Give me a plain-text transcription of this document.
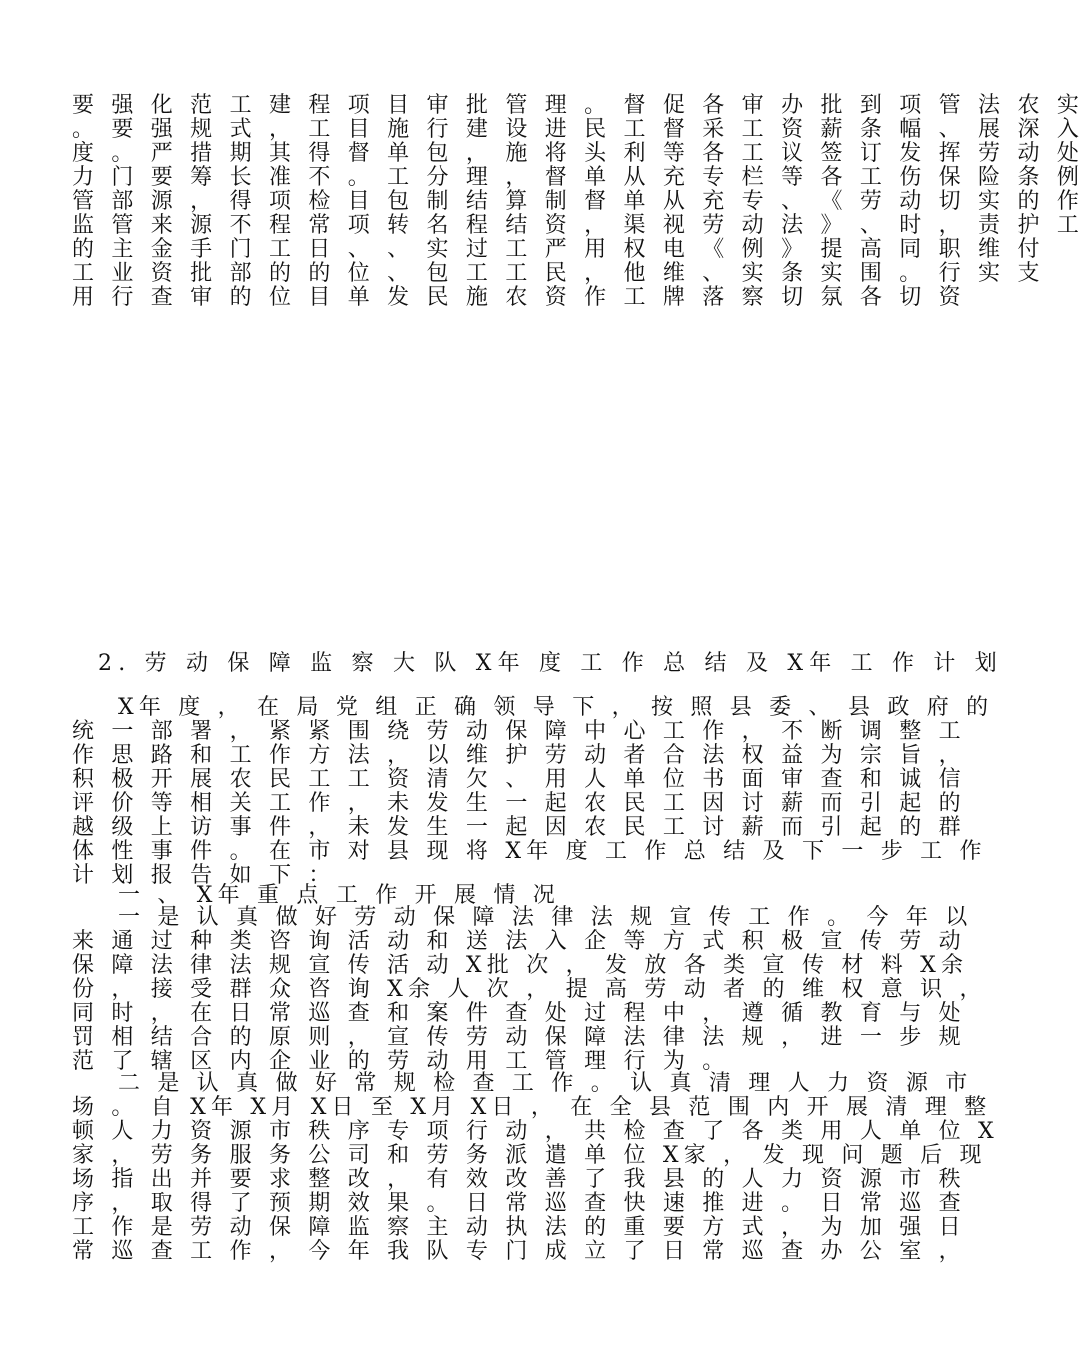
要 强 化 范 工 建 程 项 目 审 批 管 理 。 督 促 各 审 办 批 到 项 管 法 农 实
。 要 强 规 式 ， 工 目 施 行 建 设 进 民 工 督 采 工 资 薪 条 幅 、 展 深 入
度 。 严 措 期 其 得 督 单 包 ， 施 将 头 利 等 各 工 议 签 订 发 挥 劳 动 处
力 门 要 筹 长 准 不 。 工 分 理 ， 督 单 从 充 专 栏 等 各 工 伤 保 险 条 例
管 部 源 ， 得 项 检 目 包 制 结 算 制 督 单 从 充 专 、 《 劳 动 切 实 的 作
监 管 来 源 不 程 常 项 转 名 程 结 资 ， 渠 视 劳 动 法 》 、 时 ， 责 护 工
的 主 金 手 门 工 日 、 、 实 过 工 严 用 权 电 《 例 》 提 高 同 职 维 付
工 业 资 批 部 的 的 位 、 包 工 工 民 ， 他 维 、 实 条 实 围 。 行 实 支
用 行 查 审 的 位 目 单 发 民 施 农 资 作 工 牌 落 察 切 氛 各 切 资
2. 劳 动 保 障 监 察 大 队 X年 度 工 作 总 结 及 X年 工 作 计 划
X年 度 ， 在 局 党 组 正 确 领 导 下 ， 按 照 县 委 、 县 政 府 的
统 一 部 署 ， 紧 紧 围 绕 劳 动 保 障 中 心 工 作 ， 不 断 调 整 工
作 思 路 和 工 作 方 法 ， 以 维 护 劳 动 者 合 法 权 益 为 宗 旨 ，
积 极 开 展 农 民 工 工 资 清 欠 、 用 人 单 位 书 面 审 查 和 诚 信
评 价 等 相 关 工 作 ， 未 发 生 一 起 农 民 工 因 讨 薪 而 引 起 的
越 级 上 访 事 件 ， 未 发 生 一 起 因 农 民 工 讨 薪 而 引 起 的 群
体 性 事 件 。 在 市 对 县 现 将 X年 度 工 作 总 结 及 下 一 步 工 作
计 划 报 告 如 下 ：
一 、 X年 重 点 工 作 开 展 情 况
一 是 认 真 做 好 劳 动 保 障 法 律 法 规 宣 传 工 作 。 今 年 以
来 通 过 种 类 咨 询 活 动 和 送 法 入 企 等 方 式 积 极 宣 传 劳 动
保 障 法 律 法 规 宣 传 活 动 X批 次 ， 发 放 各 类 宣 传 材 料 X余
份 ， 接 受 群 众 咨 询 X余 人 次 ， 提 高 劳 动 者 的 维 权 意 识 ，
同 时 ， 在 日 常 巡 查 和 案 件 查 处 过 程 中 ， 遵 循 教 育 与 处
罚 相 结 合 的 原 则 ， 宣 传 劳 动 保 障 法 律 法 规 ， 进 一 步 规
范 了 辖 区 内 企 业 的 劳 动 用 工 管 理 行 为 。
二 是 认 真 做 好 常 规 检 查 工 作 。 认 真 清 理 人 力 资 源 市
场 。 自 X年 X月 X日 至 X月 X日 ， 在 全 县 范 围 内 开 展 清 理 整
顿 人 力 资 源 市 秩 序 专 项 行 动 ， 共 检 查 了 各 类 用 人 单 位 X
家 ， 劳 务 服 务 公 司 和 劳 务 派 遣 单 位 X家 ， 发 现 问 题 后 现
场 指 出 并 要 求 整 改 ， 有 效 改 善 了 我 县 的 人 力 资 源 市 秩
序 ， 取 得 了 预 期 效 果 。 日 常 巡 查 快 速 推 进 。 日 常 巡 查
工 作 是 劳 动 保 障 监 察 主 动 执 法 的 重 要 方 式 ， 为 加 强 日
常 巡 查 工 作 ， 今 年 我 队 专 门 成 立 了 日 常 巡 查 办 公 室 ，
